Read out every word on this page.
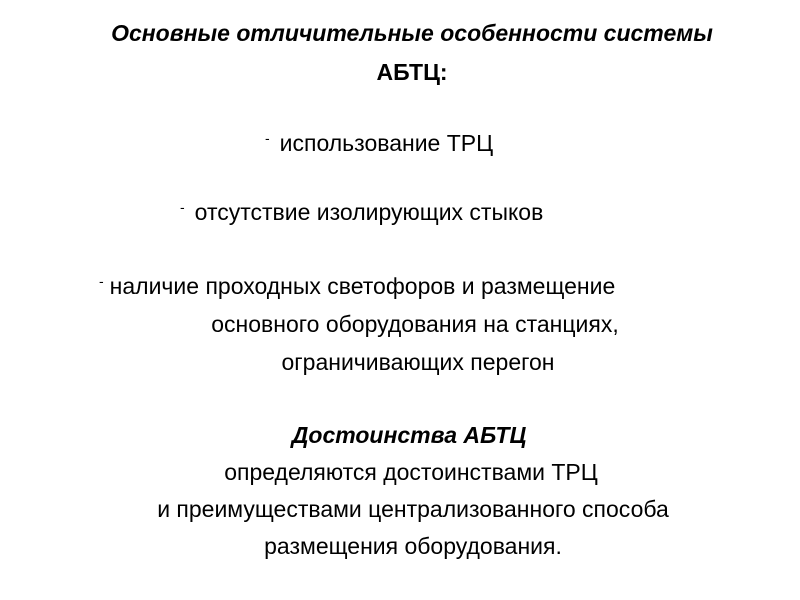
Основные отличительные особенности системы
АБТЦ:
- использование ТРЦ
- отсутствие изолирующих стыков
- наличие проходных светофоров и размещение
основного оборудования на станциях,
ограничивающих перегон
Достоинства АБТЦ
определяются достоинствами ТРЦ
и преимуществами централизованного способа
размещения оборудования.
